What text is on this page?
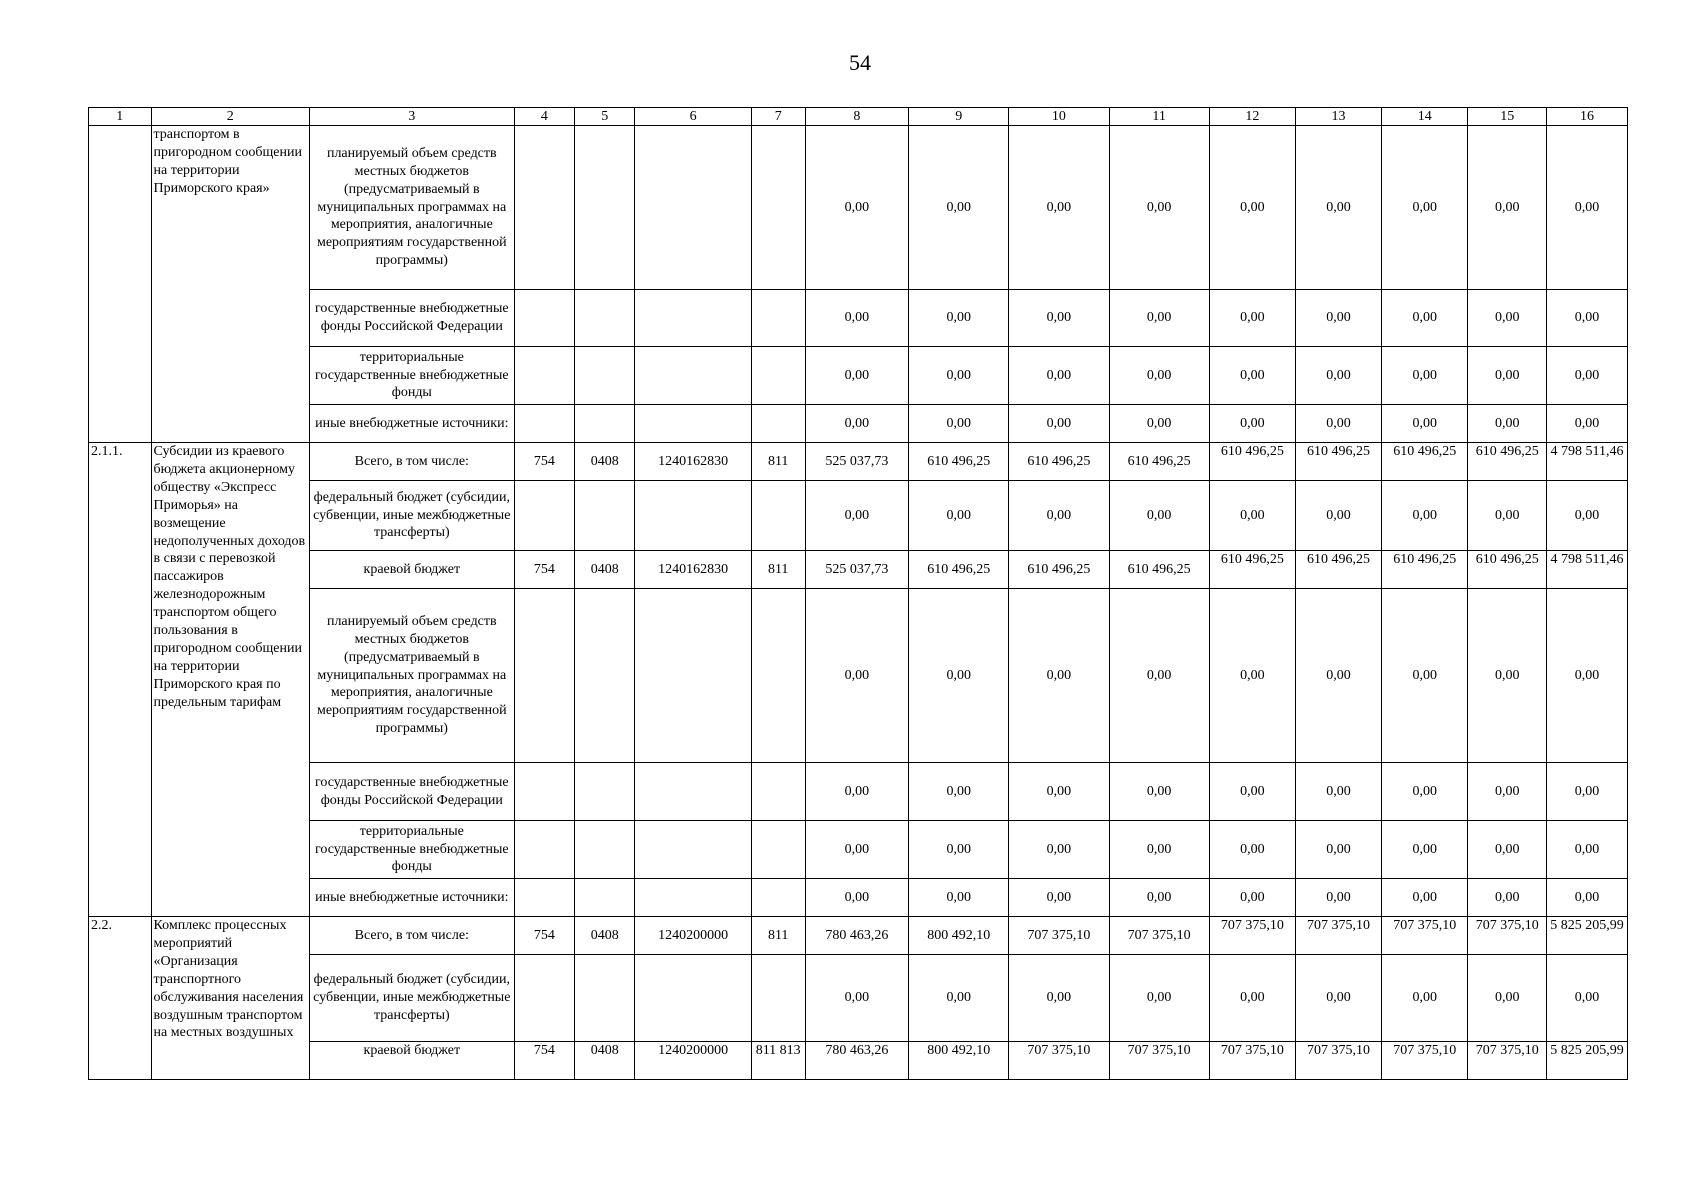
54
1	2	3	4	5	6	7	8	9	10	11	12	13	14	15	16
	транспортом в пригородном сообщении на территории Приморского края»	планируемый объем средств местных бюджетов (предусматриваемый в муниципальных программах на мероприятия, аналогичные мероприятиям государственной программы)					0,00	0,00	0,00	0,00	0,00	0,00	0,00	0,00	0,00
		государственные внебюджетные фонды Российской Федерации					0,00	0,00	0,00	0,00	0,00	0,00	0,00	0,00	0,00
		территориальные государственные внебюджетные фонды					0,00	0,00	0,00	0,00	0,00	0,00	0,00	0,00	0,00
		иные внебюджетные источники:					0,00	0,00	0,00	0,00	0,00	0,00	0,00	0,00	0,00
2.1.1.	Субсидии из краевого бюджета акционерному обществу «Экспресс Приморья» на возмещение недополученных доходов в связи с перевозкой пассажиров железнодорожным транспортом общего пользования в пригородном сообщении на территории Приморского края по предельным тарифам	Всего, в том числе:	754	0408	1240162830	811	525 037,73	610 496,25	610 496,25	610 496,25	610 496,25	610 496,25	610 496,25	610 496,25	4 798 511,46
		федеральный бюджет (субсидии, субвенции, иные межбюджетные трансферты)					0,00	0,00	0,00	0,00	0,00	0,00	0,00	0,00	0,00
		краевой бюджет	754	0408	1240162830	811	525 037,73	610 496,25	610 496,25	610 496,25	610 496,25	610 496,25	610 496,25	610 496,25	4 798 511,46
		планируемый объем средств местных бюджетов (предусматриваемый в муниципальных программах на мероприятия, аналогичные мероприятиям государственной программы)					0,00	0,00	0,00	0,00	0,00	0,00	0,00	0,00	0,00
		государственные внебюджетные фонды Российской Федерации					0,00	0,00	0,00	0,00	0,00	0,00	0,00	0,00	0,00
		территориальные государственные внебюджетные фонды					0,00	0,00	0,00	0,00	0,00	0,00	0,00	0,00	0,00
		иные внебюджетные источники:					0,00	0,00	0,00	0,00	0,00	0,00	0,00	0,00	0,00
2.2.	Комплекс процессных мероприятий «Организация транспортного обслуживания населения воздушным транспортом на местных воздушных	Всего, в том числе:	754	0408	1240200000	811	780 463,26	800 492,10	707 375,10	707 375,10	707 375,10	707 375,10	707 375,10	707 375,10	5 825 205,99
		федеральный бюджет (субсидии, субвенции, иные межбюджетные трансферты)					0,00	0,00	0,00	0,00	0,00	0,00	0,00	0,00	0,00
		краевой бюджет	754	0408	1240200000	811 813	780 463,26	800 492,10	707 375,10	707 375,10	707 375,10	707 375,10	707 375,10	707 375,10	5 825 205,99
